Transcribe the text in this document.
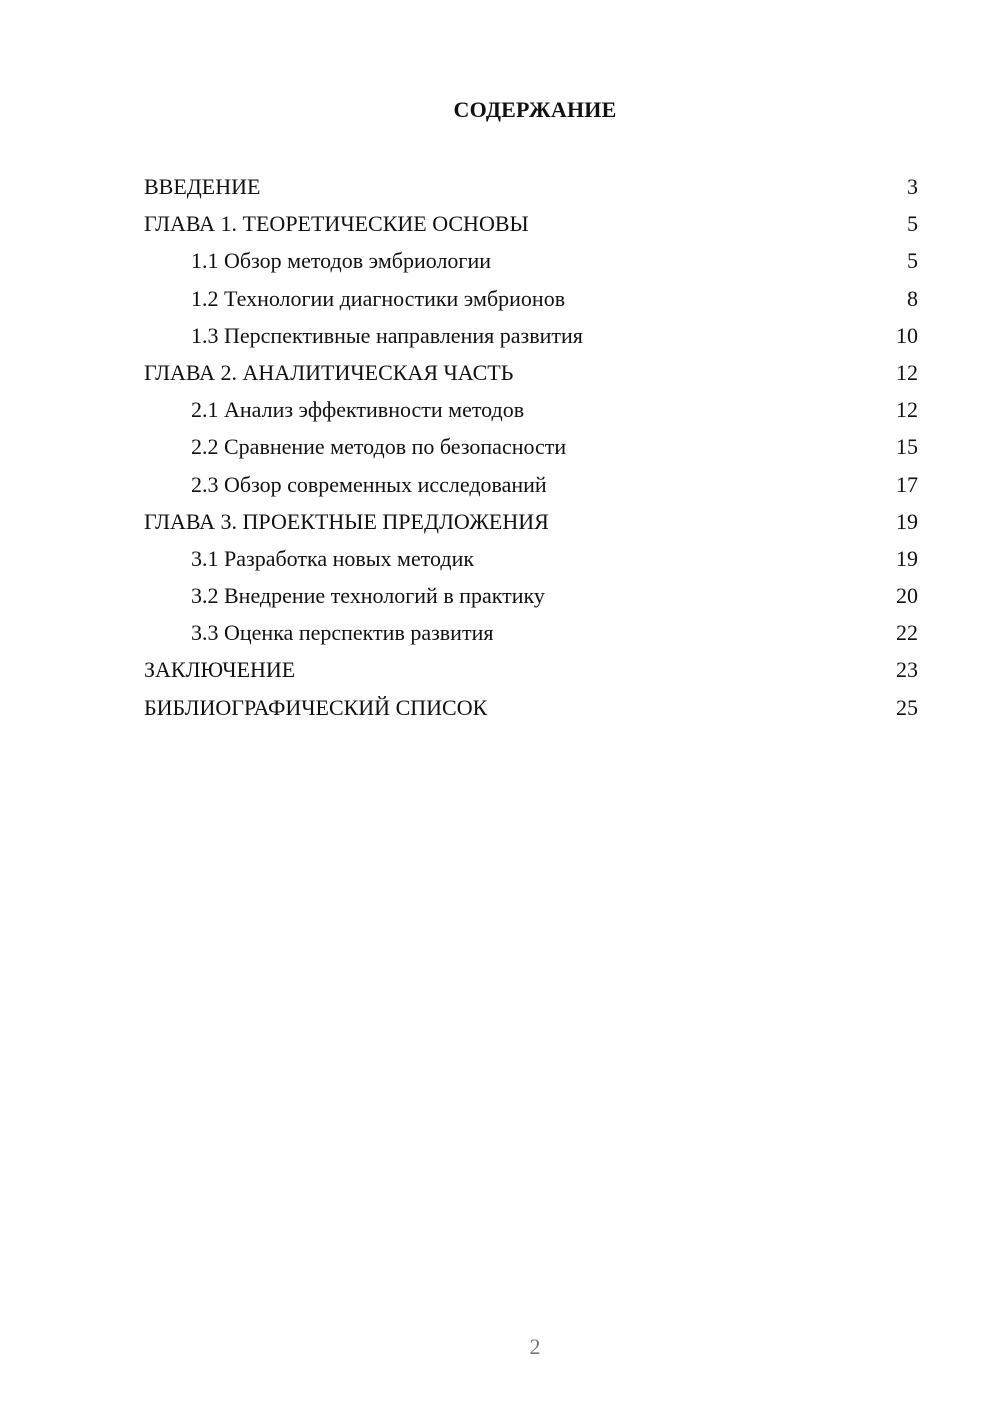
СОДЕРЖАНИЕ
ВВЕДЕНИЕ	3
ГЛАВА 1. ТЕОРЕТИЧЕСКИЕ ОСНОВЫ	5
1.1 Обзор методов эмбриологии	5
1.2 Технологии диагностики эмбрионов	8
1.3 Перспективные направления развития	10
ГЛАВА 2. АНАЛИТИЧЕСКАЯ ЧАСТЬ	12
2.1 Анализ эффективности методов	12
2.2 Сравнение методов по безопасности	15
2.3 Обзор современных исследований	17
ГЛАВА 3. ПРОЕКТНЫЕ ПРЕДЛОЖЕНИЯ	19
3.1 Разработка новых методик	19
3.2 Внедрение технологий в практику	20
3.3 Оценка перспектив развития	22
ЗАКЛЮЧЕНИЕ	23
БИБЛИОГРАФИЧЕСКИЙ СПИСОК	25
2
